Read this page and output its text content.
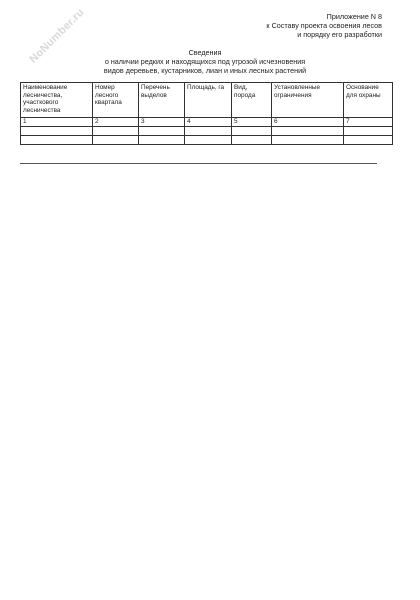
NoNumber.ru	Приложение N 8
к Составу проекта освоения лесов
и порядку его разработки
Сведения
о наличии редких и находящихся под угрозой исчезновения
видов деревьев, кустарников, лиан и иных лесных растений
Наименование лесничества, участкового лесничества	Номер лесного квартала	Перечень выделов	Площадь, га	Вид, порода	Установленные ограничения	Основание для охраны
1	2	3	4	5	6	7
